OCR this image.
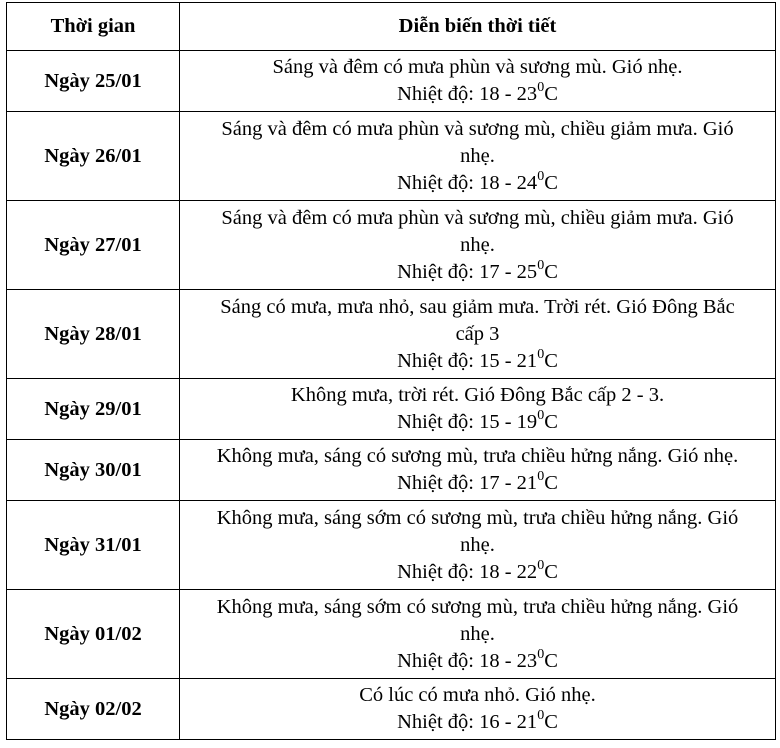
Thời gian	Diễn biến thời tiết
Ngày 25/01	Sáng và đêm có mưa phùn và sương mù. Gió nhẹ.
Nhiệt độ: $18 - 23^0C$

Ngày 26/01	Sáng và đêm có mưa phùn và sương mù, chiều giảm mưa. Gió
nhẹ.
Nhiệt độ: $18 - 24^0C$

Ngày 27/01	Sáng và đêm có mưa phùn và sương mù, chiều giảm mưa. Gió
nhẹ.
Nhiệt độ: $17 - 25^0C$

Ngày 28/01	Sáng có mưa, mưa nhỏ, sau giảm mưa. Trời rét. Gió Đông Bắc
cấp 3
Nhiệt độ: $15 - 21^0C$

Ngày 29/01	Không mưa, trời rét. Gió Đông Bắc cấp 2 - 3.
Nhiệt độ: $15 - 19^0C$

Ngày 30/01	Không mưa, sáng có sương mù, trưa chiều hửng nắng. Gió nhẹ.
Nhiệt độ: $17 - 21^0C$

Ngày 31/01	Không mưa, sáng sớm có sương mù, trưa chiều hửng nắng. Gió
nhẹ.
Nhiệt độ: $18 - 22^0C$

Ngày 01/02	Không mưa, sáng sớm có sương mù, trưa chiều hửng nắng. Gió
nhẹ.
Nhiệt độ: $18 - 23^0C$

Ngày 02/02	Có lúc có mưa nhỏ. Gió nhẹ.
Nhiệt độ: $16 - 21^0C$
